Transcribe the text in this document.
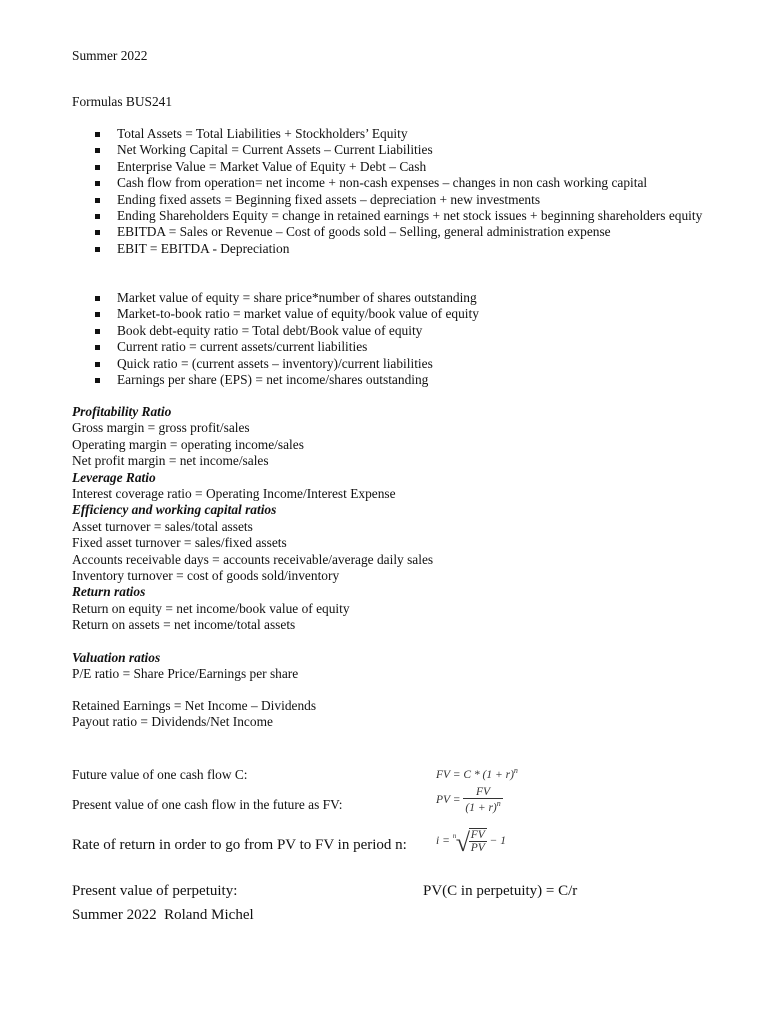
Summer 2022
Formulas BUS241
Total Assets = Total Liabilities + Stockholders’ Equity
Net Working Capital = Current Assets – Current Liabilities
Enterprise Value = Market Value of Equity + Debt – Cash
Cash flow from operation= net income + non-cash expenses – changes in non cash working capital
Ending fixed assets = Beginning fixed assets – depreciation + new investments
Ending Shareholders Equity = change in retained earnings + net stock issues + beginning shareholders equity
EBITDA = Sales or Revenue – Cost of goods sold – Selling, general administration expense
EBIT = EBITDA - Depreciation
Market value of equity = share price*number of shares outstanding
Market-to-book ratio = market value of equity/book value of equity
Book debt-equity ratio = Total debt/Book value of equity
Current ratio = current assets/current liabilities
Quick ratio = (current assets – inventory)/current liabilities
Earnings per share (EPS) = net income/shares outstanding
Profitability Ratio
Gross margin = gross profit/sales
Operating margin = operating income/sales
Net profit margin = net income/sales
Leverage Ratio
Interest coverage ratio = Operating Income/Interest Expense
Efficiency and working capital ratios
Asset turnover = sales/total assets
Fixed asset turnover = sales/fixed assets
Accounts receivable days = accounts receivable/average daily sales
Inventory turnover = cost of goods sold/inventory
Return ratios
Return on equity = net income/book value of equity
Return on assets = net income/total assets
Valuation ratios
P/E ratio = Share Price/Earnings per share
Retained Earnings = Net Income – Dividends
Payout ratio = Dividends/Net Income
Future value of one cash flow C:	FV = $C * (1 + r)^n$
Present value of one cash flow in the future as FV:	PV = $\frac{FV}{(1 + r)^n}$
Rate of return in order to go from PV to FV in period n:	i = n √
$\frac{FV}{PV} - 1$
Present value of perpetuity:	PV(C in perpetuity) = C/r
Summer 2022  Roland Michel
